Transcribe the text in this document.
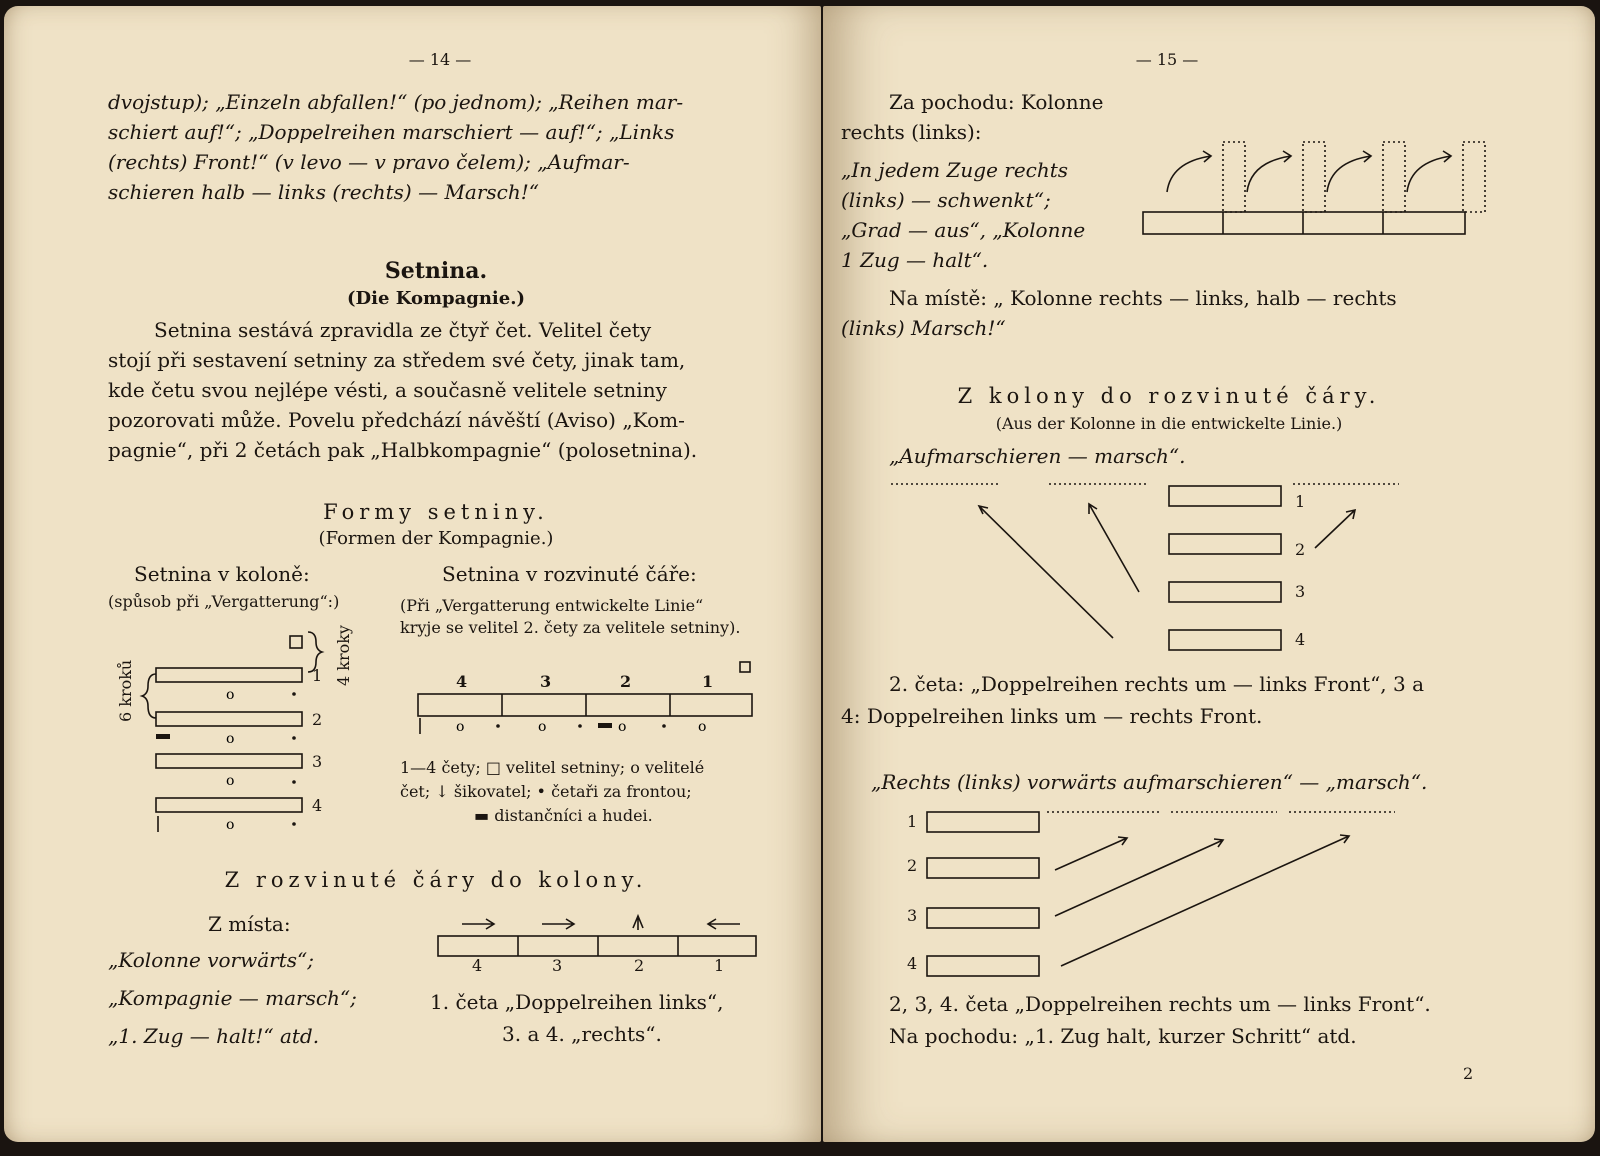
— 14 —
dvojstup); „Einzeln abfallen!“ (po jednom); „Reihen mar-
schiert auf!“; „Doppelreihen marschiert — auf!“; „Links
(rechts) Front!“ (v levo — v pravo čelem); „Aufmar-
schieren halb — links (rechts) — Marsch!“
Setnina.
(Die Kompagnie.)
Setnina sestává zpravidla ze čtyř čet. Velitel čety
stojí při sestavení setniny za středem své čety, jinak tam,
kde četu svou nejlépe vésti, a současně velitele setniny
pozorovati může. Povelu předchází návěští (Aviso) „Kom-
pagnie“, při 2 četách pak „Halbkompagnie“ (polosetnina).
Formy setniny.
(Formen der Kompagnie.)
Setnina v koloně:
(spůsob při „Vergatterung“:)
Setnina v rozvinuté čáře:
(Při „Vergatterung entwickelte Linie“
kryje se velitel 2. čety za velitele setniny).
o
o
o
o
o	o	o	o
6 kroků
4 kroky
1
2
3
4
4	3	2	1
1—4 čety; □ velitel setniny; o velitelé
čet; ↓ šikovatel; • četaři za frontou;
▬ distančníci a hudei.
Z rozvinuté čáry do kolony.
Z místa:
„Kolonne vorwärts“;
„Kompagnie — marsch“;
„1. Zug — halt!“ atd.
4	3	2	1
1. četa „Doppelreihen links“,
3. a 4. „rechts“.
— 15 —
Za pochodu: Kolonne
rechts (links):
„In jedem Zuge rechts
(links) — schwenkt“;
„Grad — aus“, „Kolonne
1 Zug — halt“.
Na místě: „ Kolonne rechts — links, halb — rechts
(links) Marsch!“
Z kolony do rozvinuté čáry.
(Aus der Kolonne in die entwickelte Linie.)
„Aufmarschieren — marsch“.
1
2
3
4
2. četa: „Doppelreihen rechts um — links Front“, 3 a
4: Doppelreihen links um — rechts Front.
„Rechts (links) vorwärts aufmarschieren“ — „marsch“.
1
2
3
4
2, 3, 4. četa „Doppelreihen rechts um — links Front“.
Na pochodu: „1. Zug halt, kurzer Schritt“ atd.
2
